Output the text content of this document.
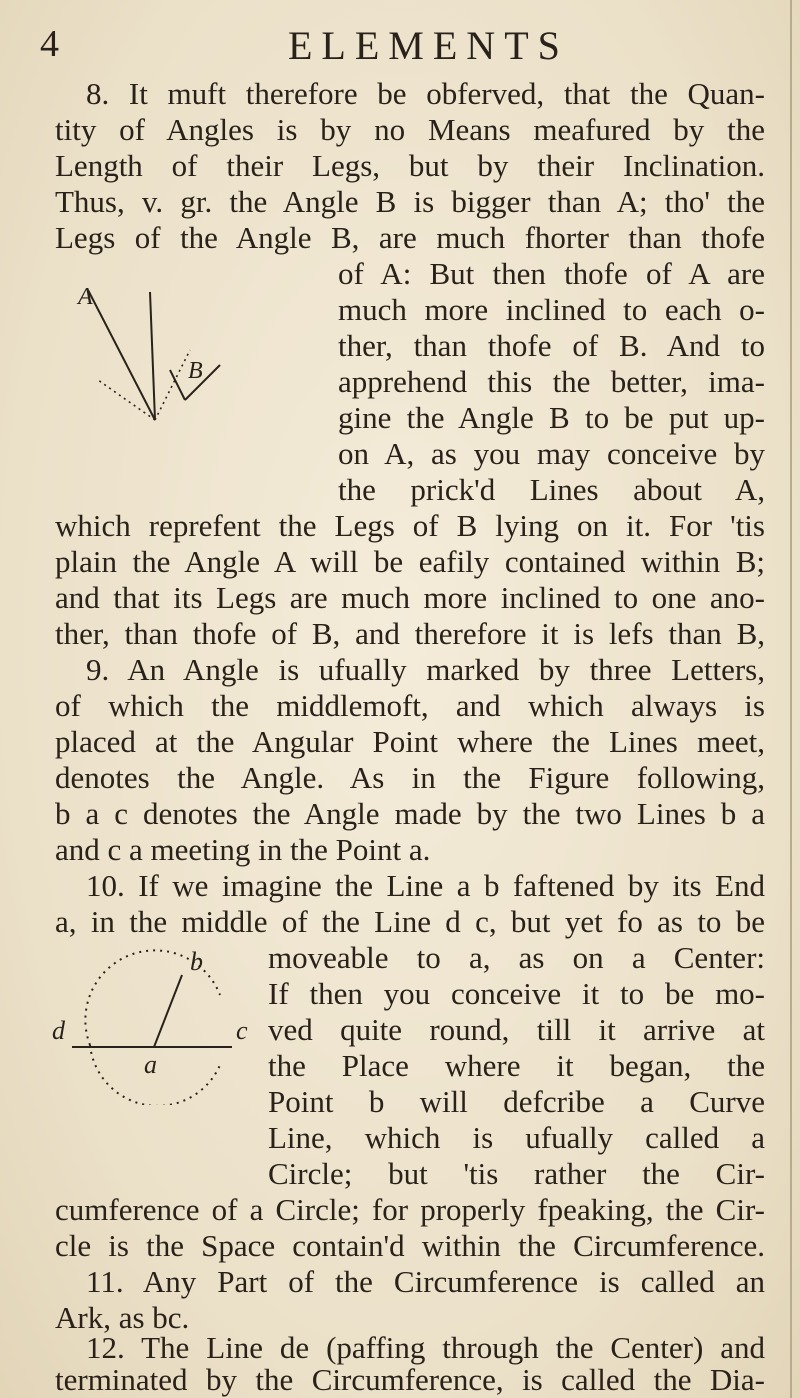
4	ELEMENTS
8. It muft therefore be obferved, that the Quan-
tity of Angles is by no Means meafured by the
Length of their Legs, but by their Inclination.
Thus, v. gr. the Angle B is bigger than A; tho' the
Legs of the Angle B, are much fhorter than thofe
of A: But then thofe of A are
much more inclined to each o-
ther, than thofe of B. And to
apprehend this the better, ima-
gine the Angle B to be put up-
on A, as you may conceive by
the prick'd Lines about A,
which reprefent the Legs of B lying on it. For 'tis
plain the Angle A will be eafily contained within B;
and that its Legs are much more inclined to one ano-
ther, than thofe of B, and therefore it is lefs than B,
9. An Angle is ufually marked by three Letters,
of which the middlemoft, and which always is
placed at the Angular Point where the Lines meet,
denotes the Angle. As in the Figure following,
b a c denotes the Angle made by the two Lines b a
and c a meeting in the Point a.
10. If we imagine the Line a b faftened by its End
a, in the middle of the Line d c, but yet fo as to be
moveable to a, as on a Center:
If then you conceive it to be mo-
ved quite round, till it arrive at
the Place where it began, the
Point b will defcribe a Curve
Line, which is ufually called a
Circle; but 'tis rather the Cir-
cumference of a Circle; for properly fpeaking, the Cir-
cle is the Space contain'd within the Circumference.
11. Any Part of the Circumference is called an
Ark, as bc.
12. The Line de (paffing through the Center) and
terminated by the Circumference, is called the Dia-
A
B
b
c
d
a
